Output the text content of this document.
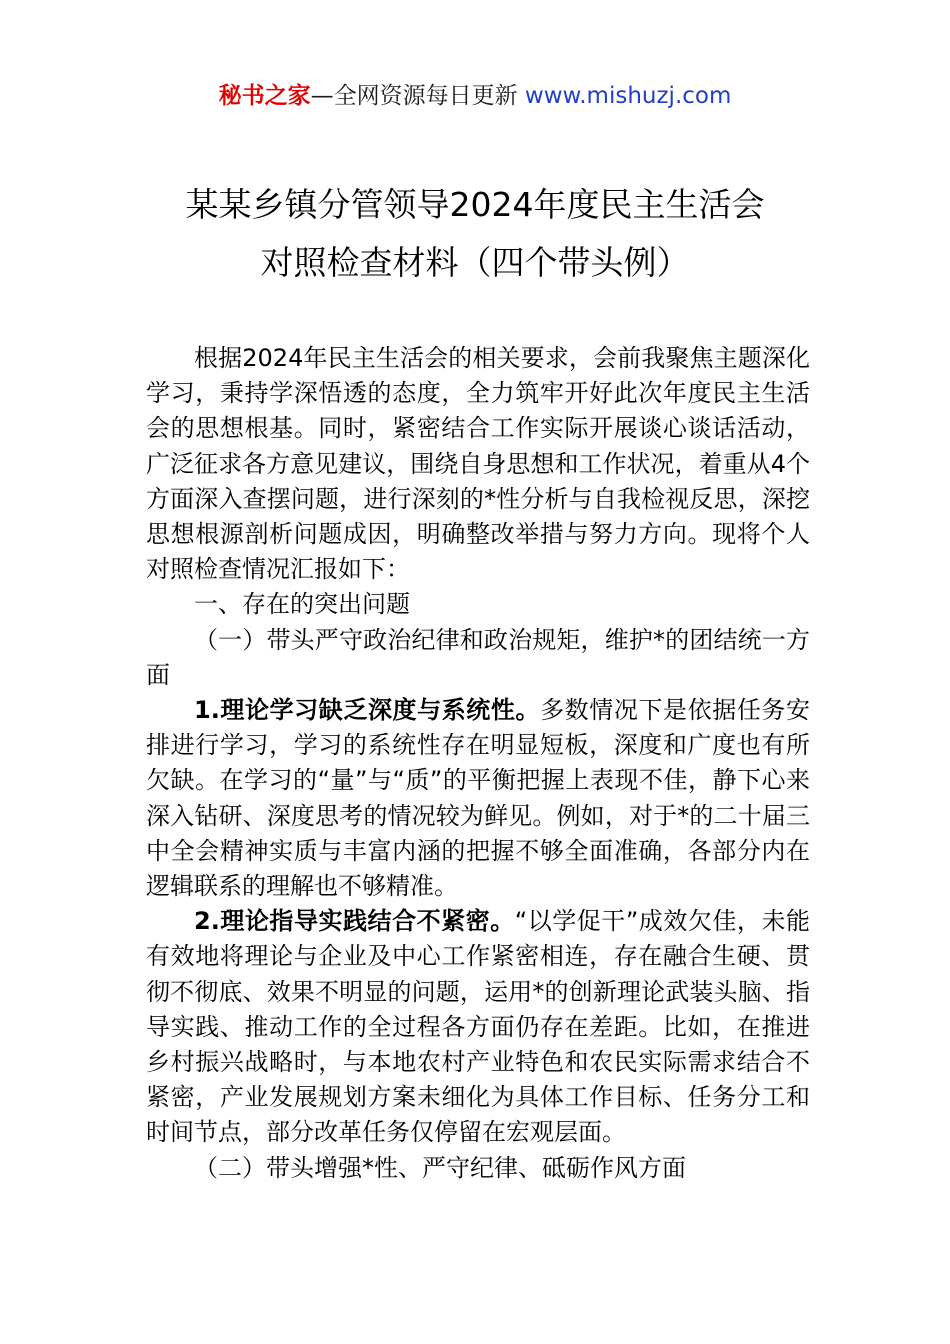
秘书之家—全网资源每日更新 www.mishuzj.com
某某乡镇分管领导2024年度民主生活会
对照检查材料（四个带头例）

根据2024年民主生活会的相关要求，会前我聚焦主题深化学习，秉持学深悟透的态度，全力筑牢开好此次年度民主生活会的思想根基。同时，紧密结合工作实际开展谈心谈话活动，广泛征求各方意见建议，围绕自身思想和工作状况，着重从4个方面深入查摆问题，进行深刻的*性分析与自我检视反思，深挖思想根源剖析问题成因，明确整改举措与努力方向。现将个人对照检查情况汇报如下：

一、存在的突出问题

（一）带头严守政治纪律和政治规矩，维护*的团结统一方面

1.理论学习缺乏深度与系统性。多数情况下是依据任务安排进行学习，学习的系统性存在明显短板，深度和广度也有所欠缺。在学习的“量”与“质”的平衡把握上表现不佳，静下心来深入钻研、深度思考的情况较为鲜见。例如，对于*的二十届三中全会精神实质与丰富内涵的把握不够全面准确，各部分内在逻辑联系的理解也不够精准。

2.理论指导实践结合不紧密。“以学促干”成效欠佳，未能有效地将理论与企业及中心工作紧密相连，存在融合生硬、贯彻不彻底、效果不明显的问题，运用*的创新理论武装头脑、指导实践、推动工作的全过程各方面仍存在差距。比如，在推进乡村振兴战略时，与本地农村产业特色和农民实际需求结合不紧密，产业发展规划方案未细化为具体工作目标、任务分工和时间节点，部分改革任务仅停留在宏观层面。

（二）带头增强*性、严守纪律、砥砺作风方面
